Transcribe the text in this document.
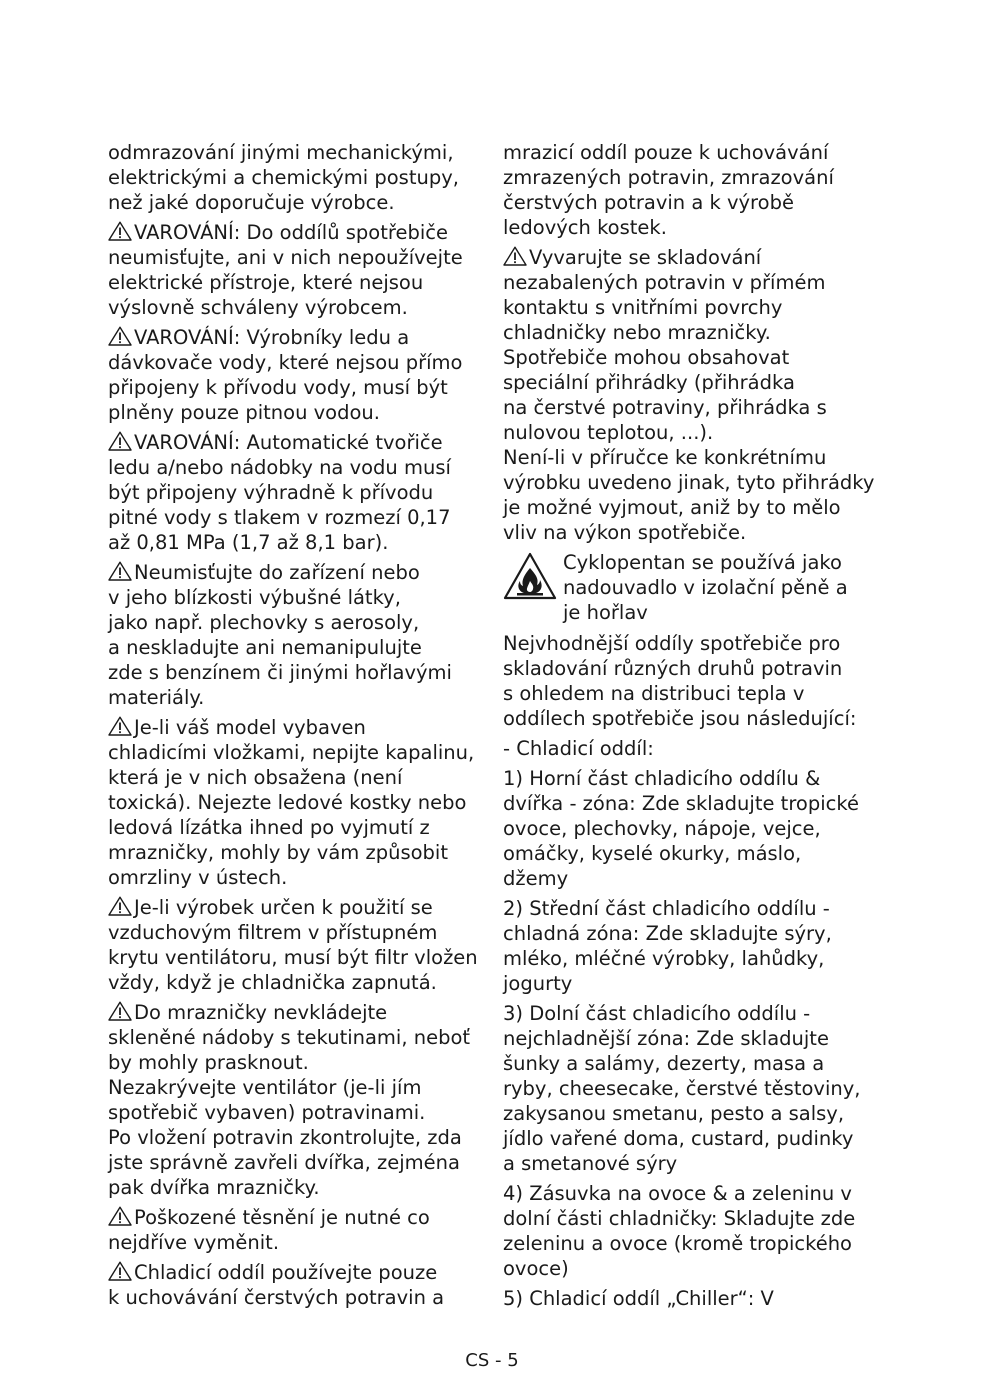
odmrazování jinými mechanickými,
elektrickými a chemickými postupy,
než jaké doporučuje výrobce.
VAROVÁNÍ: Do oddílů spotřebiče
neumisťujte, ani v nich nepoužívejte
elektrické přístroje, které nejsou
výslovně schváleny výrobcem.
VAROVÁNÍ: Výrobníky ledu a
dávkovače vody, které nejsou přímo
připojeny k přívodu vody, musí být
plněny pouze pitnou vodou.
VAROVÁNÍ: Automatické tvořiče
ledu a/nebo nádobky na vodu musí
být připojeny výhradně k přívodu
pitné vody s tlakem v rozmezí 0,17
až 0,81 MPa (1,7 až 8,1 bar).
Neumisťujte do zařízení nebo
v jeho blízkosti výbušné látky,
jako např. plechovky s aerosoly,
a neskladujte ani nemanipulujte
zde s benzínem či jinými hořlavými
materiály.
Je-li váš model vybaven
chladicími vložkami, nepijte kapalinu,
která je v nich obsažena (není
toxická). Nejezte ledové kostky nebo
ledová lízátka ihned po vyjmutí z
mrazničky, mohly by vám způsobit
omrzliny v ústech.
Je-li výrobek určen k použití se
vzduchovým filtrem v přístupném
krytu ventilátoru, musí být filtr vložen
vždy, když je chladnička zapnutá.
Do mrazničky nevkládejte
skleněné nádoby s tekutinami, neboť
by mohly prasknout.
Nezakrývejte ventilátor (je-li jím
spotřebič vybaven) potravinami.
Po vložení potravin zkontrolujte, zda
jste správně zavřeli dvířka, zejména
pak dvířka mrazničky.
Poškozené těsnění je nutné co
nejdříve vyměnit.
Chladicí oddíl používejte pouze
k uchovávání čerstvých potravin a
mrazicí oddíl pouze k uchovávání
zmrazených potravin, zmrazování
čerstvých potravin a k výrobě
ledových kostek.
Vyvarujte se skladování
nezabalených potravin v přímém
kontaktu s vnitřními povrchy
chladničky nebo mrazničky.
Spotřebiče mohou obsahovat
speciální přihrádky (přihrádka
na čerstvé potraviny, přihrádka s
nulovou teplotou, ...).
Není-li v příručce ke konkrétnímu
výrobku uvedeno jinak, tyto přihrádky
je možné vyjmout, aniž by to mělo
vliv na výkon spotřebiče.
Cyklopentan se používá jako
nadouvadlo v izolační pěně a
je hořlav
Nejvhodnější oddíly spotřebiče pro
skladování různých druhů potravin
s ohledem na distribuci tepla v
oddílech spotřebiče jsou následující:
- Chladicí oddíl:
1) Horní část chladicího oddílu &
dvířka - zóna: Zde skladujte tropické
ovoce, plechovky, nápoje, vejce,
omáčky, kyselé okurky, máslo,
džemy
2) Střední část chladicího oddílu -
chladná zóna: Zde skladujte sýry,
mléko, mléčné výrobky, lahůdky,
jogurty
3) Dolní část chladicího oddílu -
nejchladnější zóna: Zde skladujte
šunky a salámy, dezerty, masa a
ryby, cheesecake, čerstvé těstoviny,
zakysanou smetanu, pesto a salsy,
jídlo vařené doma, custard, pudinky
a smetanové sýry
4) Zásuvka na ovoce & a zeleninu v
dolní části chladničky: Skladujte zde
zeleninu a ovoce (kromě tropického
ovoce)
5) Chladicí oddíl „Chiller“: V
CS - 5
